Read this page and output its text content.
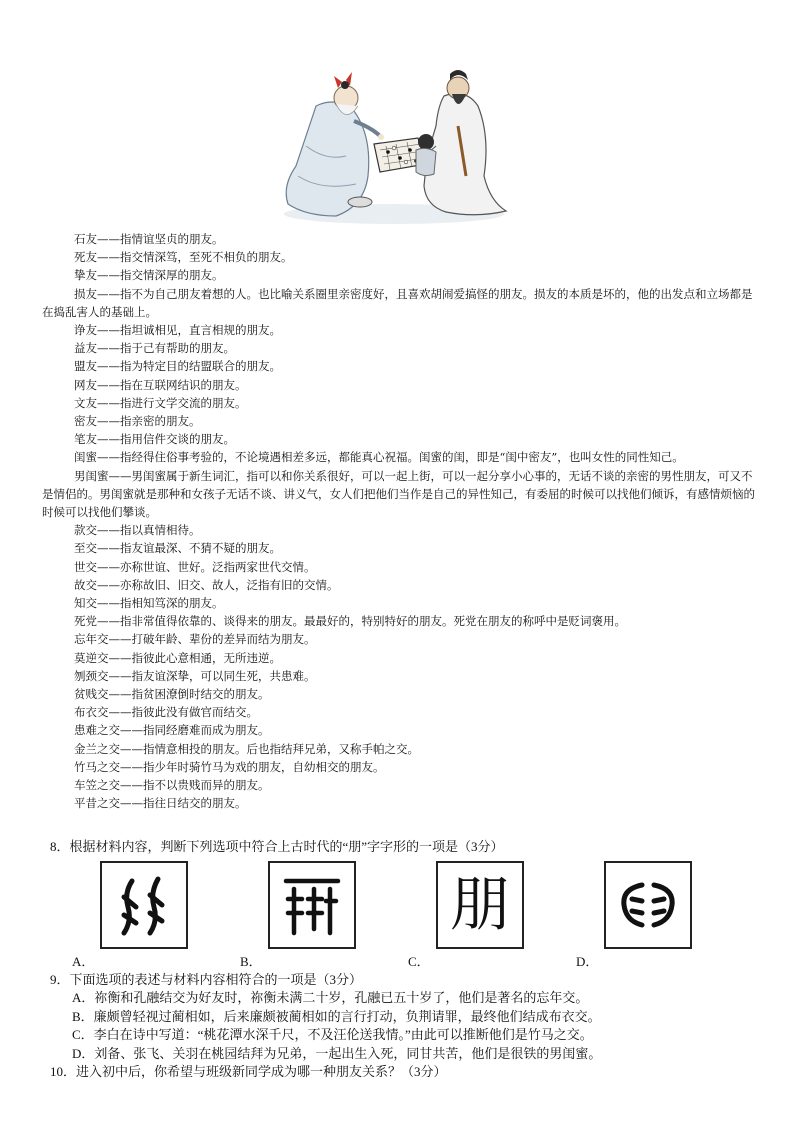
石友——指情谊坚贞的朋友。

死友——指交情深笃，至死不相负的朋友。

挚友——指交情深厚的朋友。

损友——指不为自己朋友着想的人。也比喻关系圈里亲密度好，且喜欢胡闹爱搞怪的朋友。损友的本质是坏的，他的出发点和立场都是在捣乱害人的基础上。

诤友——指坦诚相见，直言相规的朋友。

益友——指于己有帮助的朋友。

盟友——指为特定目的结盟联合的朋友。

网友——指在互联网结识的朋友。

文友——指进行文学交流的朋友。

密友——指亲密的朋友。

笔友——指用信件交谈的朋友。

闺蜜——指经得住俗事考验的，不论境遇相差多远，都能真心祝福。闺蜜的闺，即是“闺中密友”，也叫女性的同性知己。

男闺蜜——男闺蜜属于新生词汇，指可以和你关系很好，可以一起上街，可以一起分享小心事的，无话不谈的亲密的男性朋友，可又不是情侣的。男闺蜜就是那种和女孩子无话不谈、讲义气，女人们把他们当作是自己的异性知己，有委屈的时候可以找他们倾诉，有感情烦恼的时候可以找他们攀谈。

款交——指以真情相待。

至交——指友谊最深、不猜不疑的朋友。

世交——亦称世谊、世好。泛指两家世代交情。

故交——亦称故旧、旧交、故人，泛指有旧的交情。

知交——指相知笃深的朋友。

死党——指非常值得依靠的、谈得来的朋友。最最好的，特别特好的朋友。死党在朋友的称呼中是贬词褒用。

忘年交——打破年龄、辈份的差异而结为朋友。

莫逆交——指彼此心意相通，无所违逆。

刎颈交——指友谊深挚，可以同生死，共患难。

贫贱交——指贫困潦倒时结交的朋友。

布衣交——指彼此没有做官而结交。

患难之交——指同经磨难而成为朋友。

金兰之交——指情意相投的朋友。后也指结拜兄弟，又称手帕之交。

竹马之交——指少年时骑竹马为戏的朋友，自幼相交的朋友。

车笠之交——指不以贵贱而异的朋友。

平昔之交——指往日结交的朋友。

8．根据材料内容，判断下列选项中符合上古时代的“朋”字字形的一项是（3分）

A．	B．
朋
C．	D．

9．下面选项的表述与材料内容相符合的一项是（3分）

A．祢衡和孔融结交为好友时，祢衡未满二十岁，孔融已五十岁了，他们是著名的忘年交。

B．廉颇曾轻视过蔺相如，后来廉颇被蔺相如的言行打动，负荆请罪，最终他们结成布衣交。

C．李白在诗中写道：“桃花潭水深千尺，不及汪伦送我情。”由此可以推断他们是竹马之交。

D．刘备、张飞、关羽在桃园结拜为兄弟，一起出生入死，同甘共苦，他们是很铁的男闺蜜。

10．进入初中后，你希望与班级新同学成为哪一种朋友关系？（3分）
